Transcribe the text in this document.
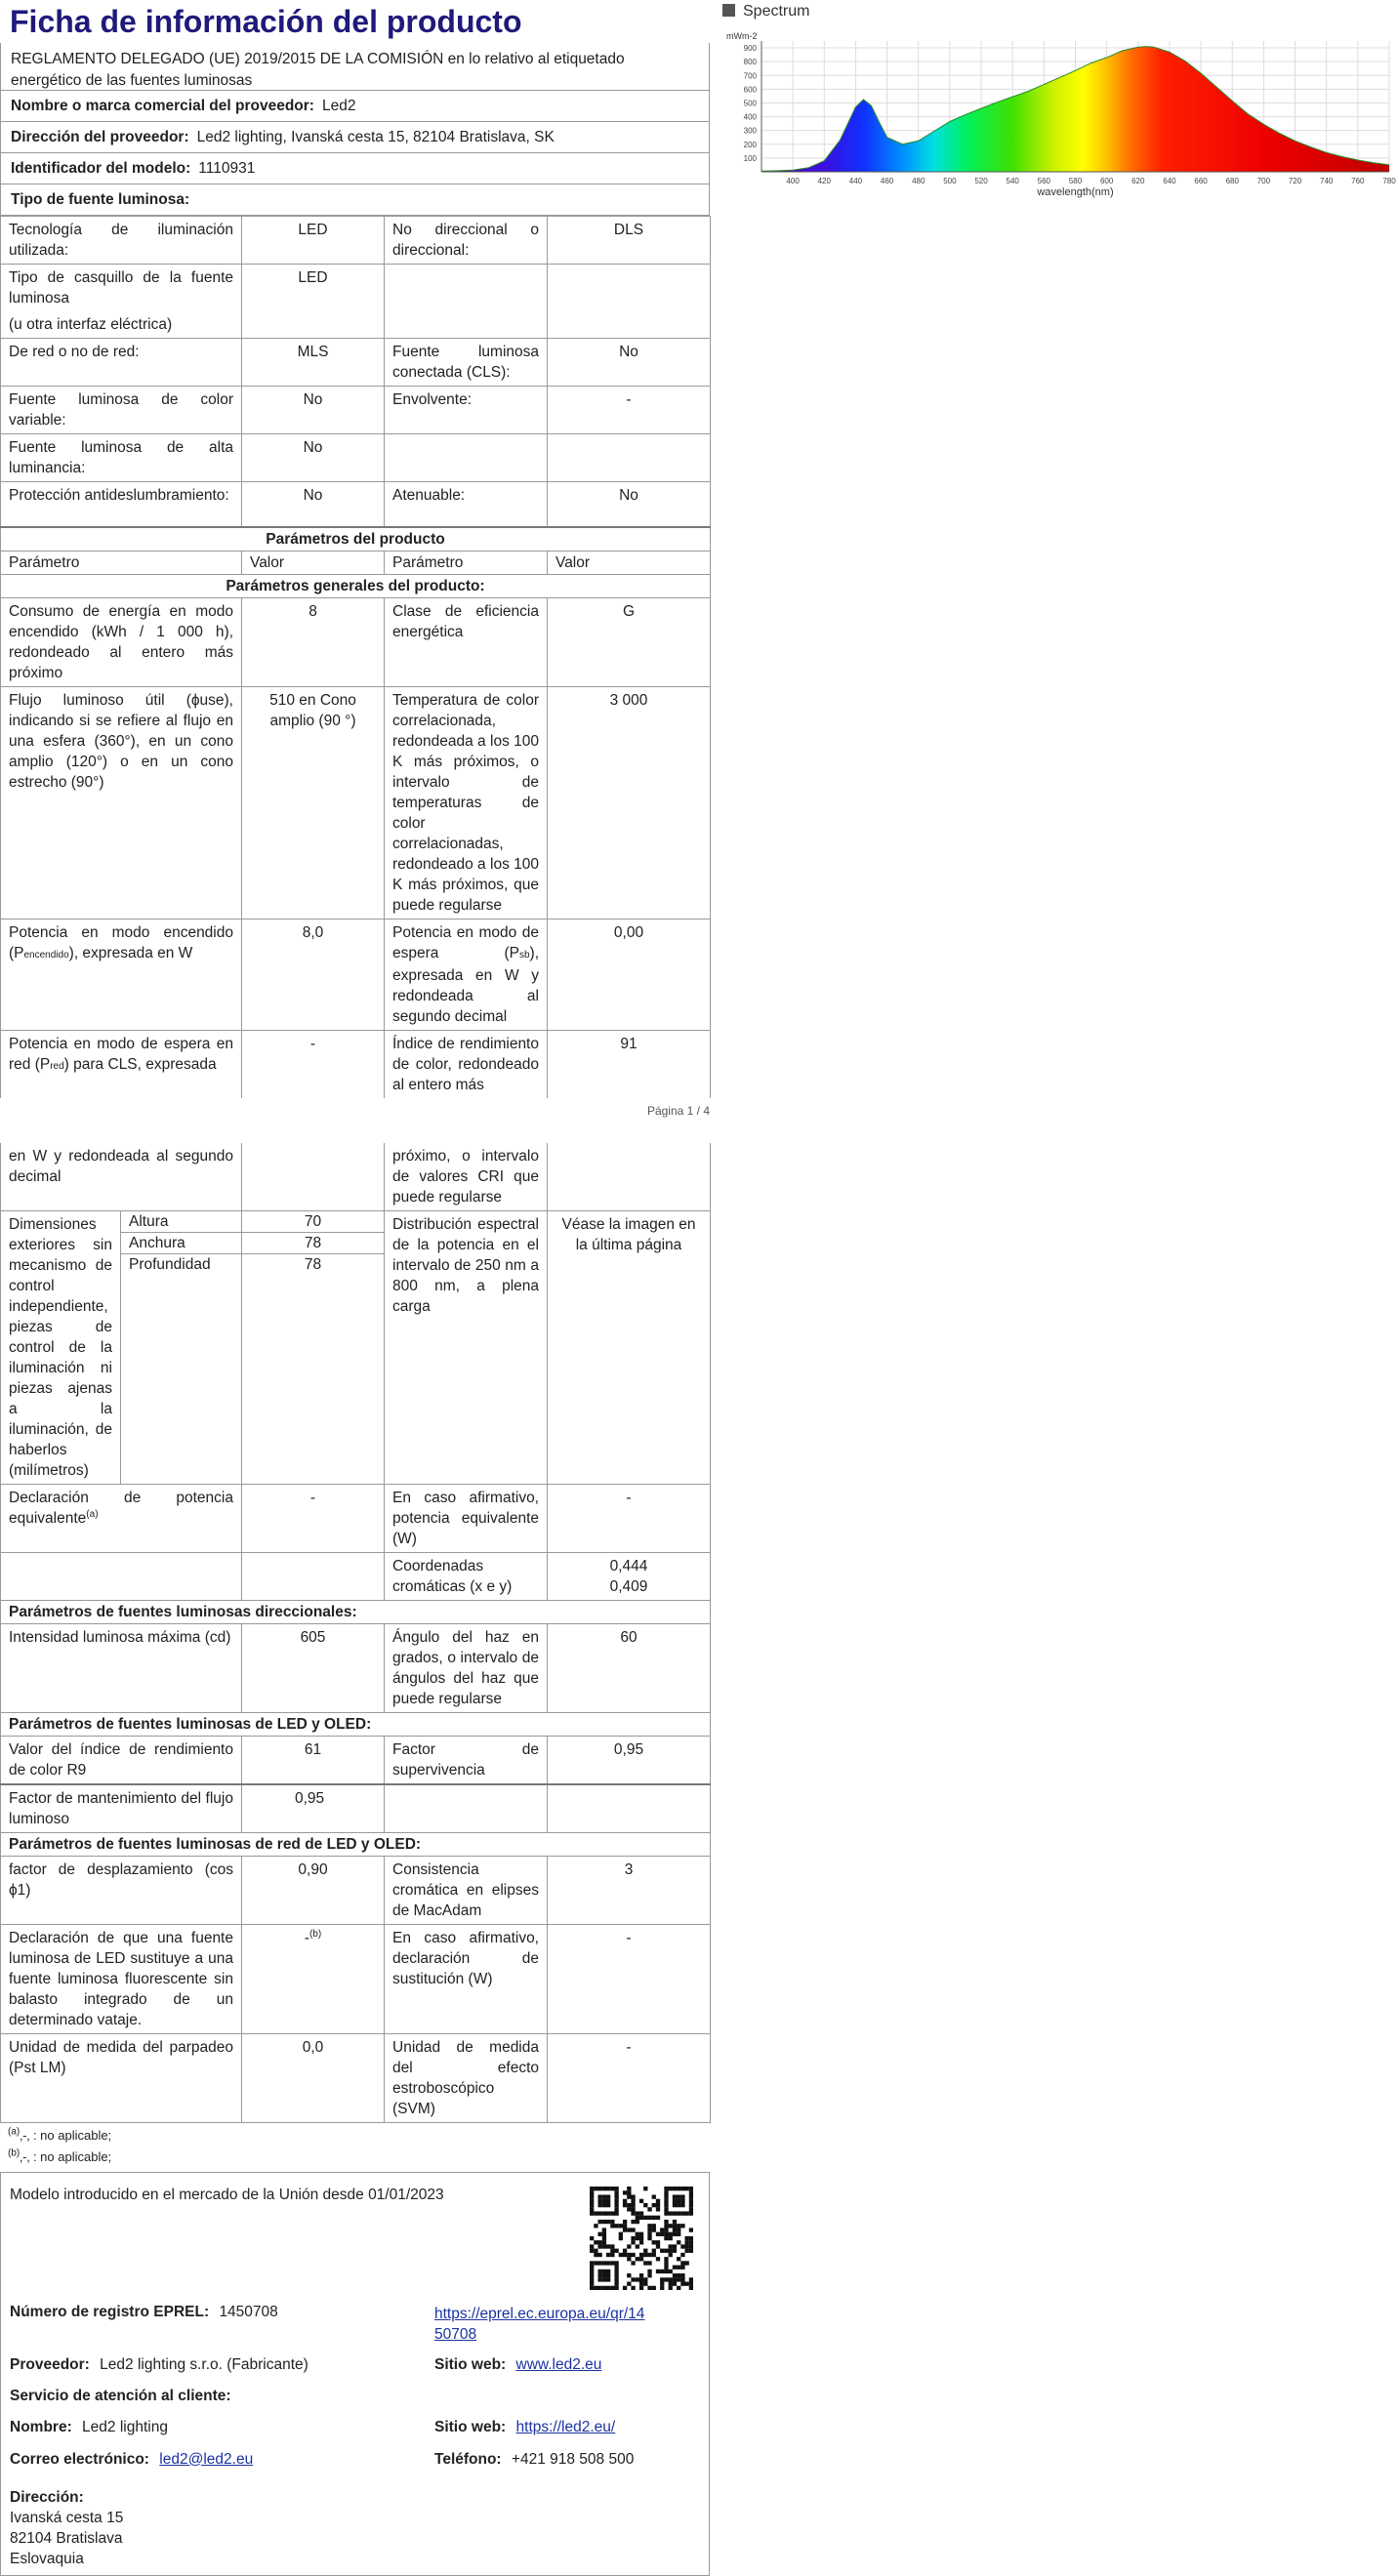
Ficha de información del producto
REGLAMENTO DELEGADO (UE) 2019/2015 DE LA COMISIÓN en lo relativo al etiquetado energético de las fuentes luminosas
Nombre o marca comercial del proveedor: Led2
Dirección del proveedor: Led2 lighting, Ivanská cesta 15, 82104 Bratislava, SK
Identificador del modelo: 1110931
Tipo de fuente luminosa:
Tecnología de iluminación utilizada:	LED	No direccional o direccional:	DLS

Tipo de casquillo de la fuente luminosa
(u otra interfaz eléctrica)	LED		
De red o no de red:	MLS	Fuente luminosa conectada (CLS):	No
Fuente luminosa de color variable:	No	Envolvente:	-
Fuente luminosa de alta luminancia:	No		
Protección antideslumbramiento:	No	Atenuable:	No
Parámetros del producto			
Parámetro	Valor	Parámetro	Valor
Parámetros generales del producto:			
Consumo de energía en modo encendido (kWh / 1 000 h), redondeado al entero más próximo	8	Clase de eficiencia energética	G
Flujo luminoso útil (ϕuse), indicando si se refiere al flujo en una esfera (360°), en un cono amplio (120°) o en un cono estrecho (90°)	510 en Cono amplio (90 °)	Temperatura de color correlacionada, redondeada a los 100 K más próximos, o intervalo de temperaturas de color correlacionadas, redondeado a los 100 K más próximos, que puede regularse	3 000
Potencia en modo encendido (Pencendido), expresada en W	8,0	Potencia en modo de espera (Psb), expresada en W y redondeada al segundo decimal	0,00
Potencia en modo de espera en red (Pred) para CLS, expresada	-	Índice de rendimiento de color, redondeado al entero más	91
Página 1 / 4
en W y redondeada al segundo decimal			próximo, o intervalo de valores CRI que puede regularse	
Dimensiones exteriores sin mecanismo de control independiente, piezas de control de la iluminación ni piezas ajenas a la iluminación, de haberlos (milímetros)	Altura	70	Distribución espectral de la potencia en el intervalo de 250 nm a 800 nm, a plena carga	Véase la imagen en la última página
	Anchura	78		
	Profundidad	78		
Declaración de potencia equivalente$^{(a)}$		-	En caso afirmativo, potencia equivalente (W)	-
			Coordenadas cromáticas (x e y)	0,444
0,409

Parámetros de fuentes luminosas direccionales:				
Intensidad luminosa máxima (cd)		605	Ángulo del haz en grados, o intervalo de ángulos del haz que puede regularse	60
Parámetros de fuentes luminosas de LED y OLED:				
Valor del índice de rendimiento de color R9		61	Factor de supervivencia	0,95
Factor de mantenimiento del flujo luminoso		0,95		
Parámetros de fuentes luminosas de red de LED y OLED:				
factor de desplazamiento (cos ϕ1)		0,90	Consistencia cromática en elipses de MacAdam	3
Declaración de que una fuente luminosa de LED sustituye a una fuente luminosa fluorescente sin balasto integrado de un determinado vataje.		-$^{(b)}$	En caso afirmativo, declaración de sustitución (W)	-
Unidad de medida del parpadeo (Pst LM)		0,0	Unidad de medida del efecto estroboscópico (SVM)	-
$^{(a)}$‚-‚ : no aplicable;
$^{(b)}$‚-‚ : no aplicable;
Modelo introducido en el mercado de la Unión desde 01/01/2023
Número de registro EPREL: 1450708	https://eprel.ec.europa.eu/qr/14
50708
Proveedor: Led2 lighting s.r.o. (Fabricante)	Sitio web: www.led2.eu
Servicio de atención al cliente:
Nombre: Led2 lighting	Sitio web: https://led2.eu/
Correo electrónico: led2@led2.eu	Teléfono: +421 918 508 500
Dirección:
Ivanská cesta 15
82104 Bratislava
Eslovaquia
Spectrum
mWm-2
100
200
300
400
500
600
700
800
900
400 420 440 460 480 500 520 540 560 580 600 620 640 660 680 700 720 740 760 780
wavelength(nm)
